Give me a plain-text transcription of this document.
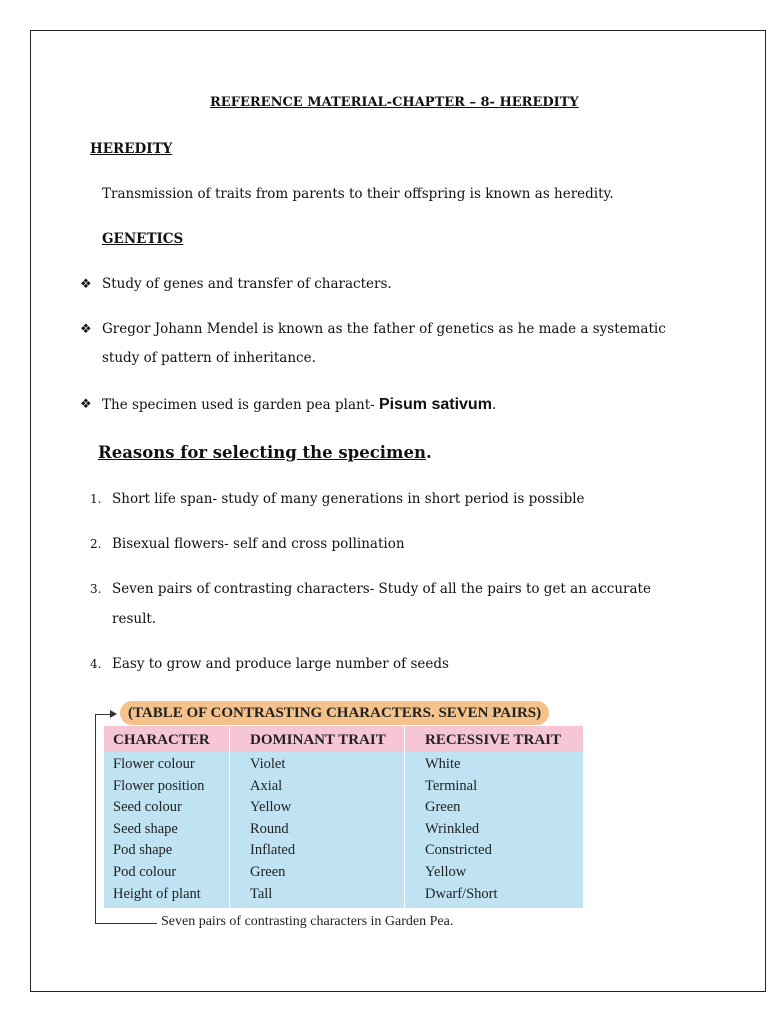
REFERENCE MATERIAL-CHAPTER – 8- HEREDITY
HEREDITY
Transmission of traits from parents to their offspring is known as heredity.
GENETICS
❖ Study of genes and transfer of characters.
❖ Gregor Johann Mendel is known as the father of genetics as he made a systematic
study of pattern of inheritance.
❖ The specimen used is garden pea plant- Pisum sativum.
Reasons for selecting the specimen.
1. Short life span- study of many generations in short period is possible
2. Bisexual flowers- self and cross pollination
3. Seven pairs of contrasting characters- Study of all the pairs to get an accurate
result.
4. Easy to grow and produce large number of seeds
(TABLE OF CONTRASTING CHARACTERS. SEVEN PAIRS)
CHARACTER	DOMINANT TRAIT	RECESSIVE TRAIT
Flower colour	Violet	White
Flower position	Axial	Terminal
Seed colour	Yellow	Green
Seed shape	Round	Wrinkled
Pod shape	Inflated	Constricted
Pod colour	Green	Yellow
Height of plant	Tall	Dwarf/Short
Seven pairs of contrasting characters in Garden Pea.
